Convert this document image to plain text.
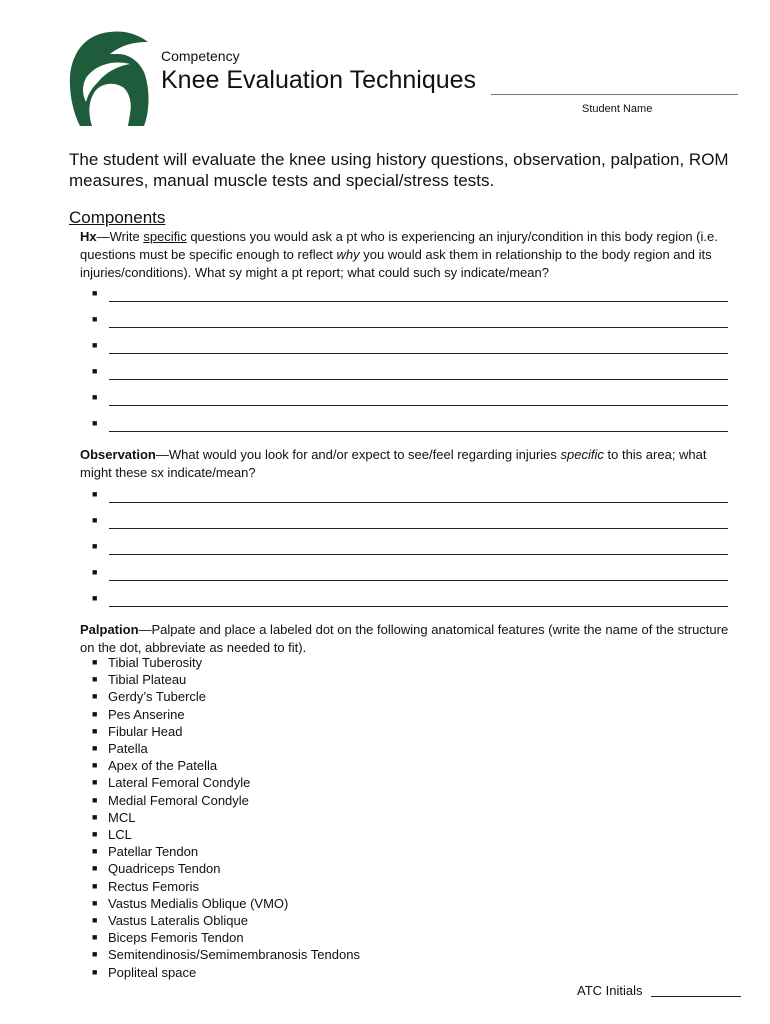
Competency
Knee Evaluation Techniques
Student Name
The student will evaluate the knee using history questions, observation, palpation, ROM measures, manual muscle tests and special/stress tests.
Components
Hx—Write specific questions you would ask a pt who is experiencing an injury/condition in this body region (i.e. questions must be specific enough to reflect why you would ask them in relationship to the body region and its injuries/conditions). What sy might a pt report; what could such sy indicate/mean?
■
■
■
■
■
■
Observation—What would you look for and/or expect to see/feel regarding injuries specific to this area; what might these sx indicate/mean?
■
■
■
■
■
Palpation—Palpate and place a labeled dot on the following anatomical features (write the name of the structure on the dot, abbreviate as needed to fit).
■ Tibial Tuberosity
■ Tibial Plateau
■ Gerdy’s Tubercle
■ Pes Anserine
■ Fibular Head
■ Patella
■ Apex of the Patella
■ Lateral Femoral Condyle
■ Medial Femoral Condyle
■ MCL
■ LCL
■ Patellar Tendon
■ Quadriceps Tendon
■ Rectus Femoris
■ Vastus Medialis Oblique (VMO)
■ Vastus Lateralis Oblique
■ Biceps Femoris Tendon
■ Semitendinosis/Semimembranosis Tendons
■ Popliteal space
ATC Initials
